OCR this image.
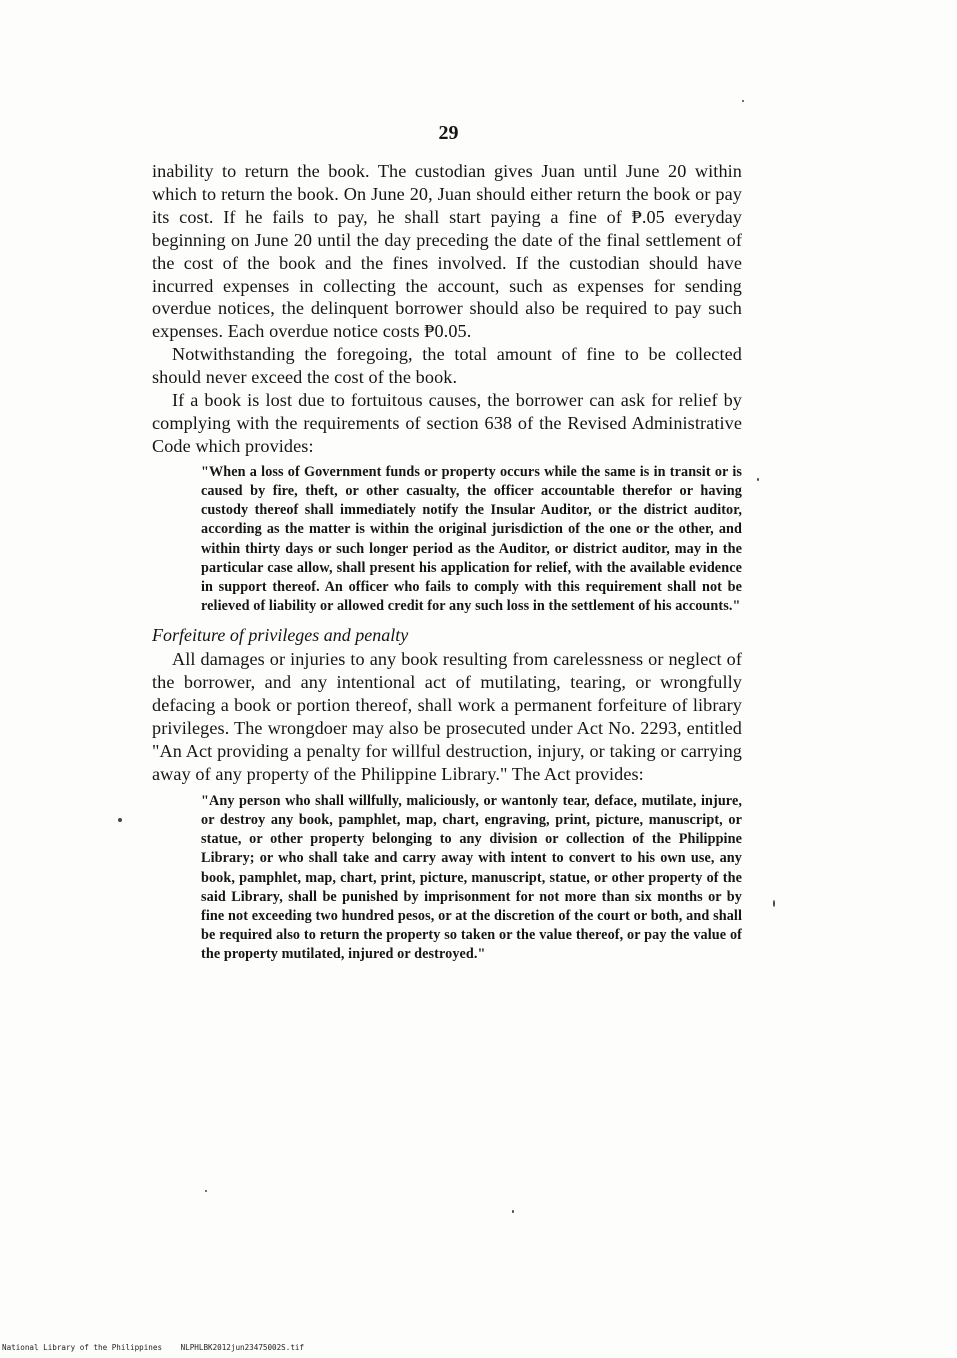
29

inability to return the book. The custodian gives Juan until June 20 within which to return the book. On June 20, Juan should either return the book or pay its cost. If he fails to pay, he shall start paying a fine of ₱.05 everyday beginning on June 20 until the day preceding the date of the final settlement of the cost of the book and the fines involved. If the custodian should have incurred expenses in collecting the account, such as expenses for sending overdue notices, the delinquent borrower should also be required to pay such expenses. Each overdue notice costs ₱0.05.

Notwithstanding the foregoing, the total amount of fine to be collected should never exceed the cost of the book.

If a book is lost due to fortuitous causes, the borrower can ask for relief by complying with the requirements of section 638 of the Revised Administrative Code which provides:

"When a loss of Government funds or property occurs while the same is in transit or is caused by fire, theft, or other casualty, the officer accountable therefor or having custody thereof shall immediately notify the Insular Auditor, or the district auditor, according as the matter is within the original jurisdiction of the one or the other, and within thirty days or such longer period as the Auditor, or district auditor, may in the particular case allow, shall present his application for relief, with the available evidence in support thereof. An officer who fails to comply with this requirement shall not be relieved of liability or allowed credit for any such loss in the settlement of his accounts."

Forfeiture of privileges and penalty

All damages or injuries to any book resulting from carelessness or neglect of the borrower, and any intentional act of mutilating, tearing, or wrongfully defacing a book or portion thereof, shall work a permanent forfeiture of library privileges. The wrongdoer may also be prosecuted under Act No. 2293, entitled "An Act providing a penalty for willful destruction, injury, or taking or carrying away of any property of the Philippine Library." The Act provides:

"Any person who shall willfully, maliciously, or wantonly tear, deface, mutilate, injure, or destroy any book, pamphlet, map, chart, engraving, print, picture, manuscript, or statue, or other property belonging to any division or collection of the Philippine Library; or who shall take and carry away with intent to convert to his own use, any book, pamphlet, map, chart, print, picture, manuscript, statue, or other property of the said Library, shall be punished by imprisonment for not more than six months or by fine not exceeding two hundred pesos, or at the discretion of the court or both, and shall be required also to return the property so taken or the value thereof, or pay the value of the property mutilated, injured or destroyed."

National Library of the Philippines NLPHLBK2012jun23475002S.tif
